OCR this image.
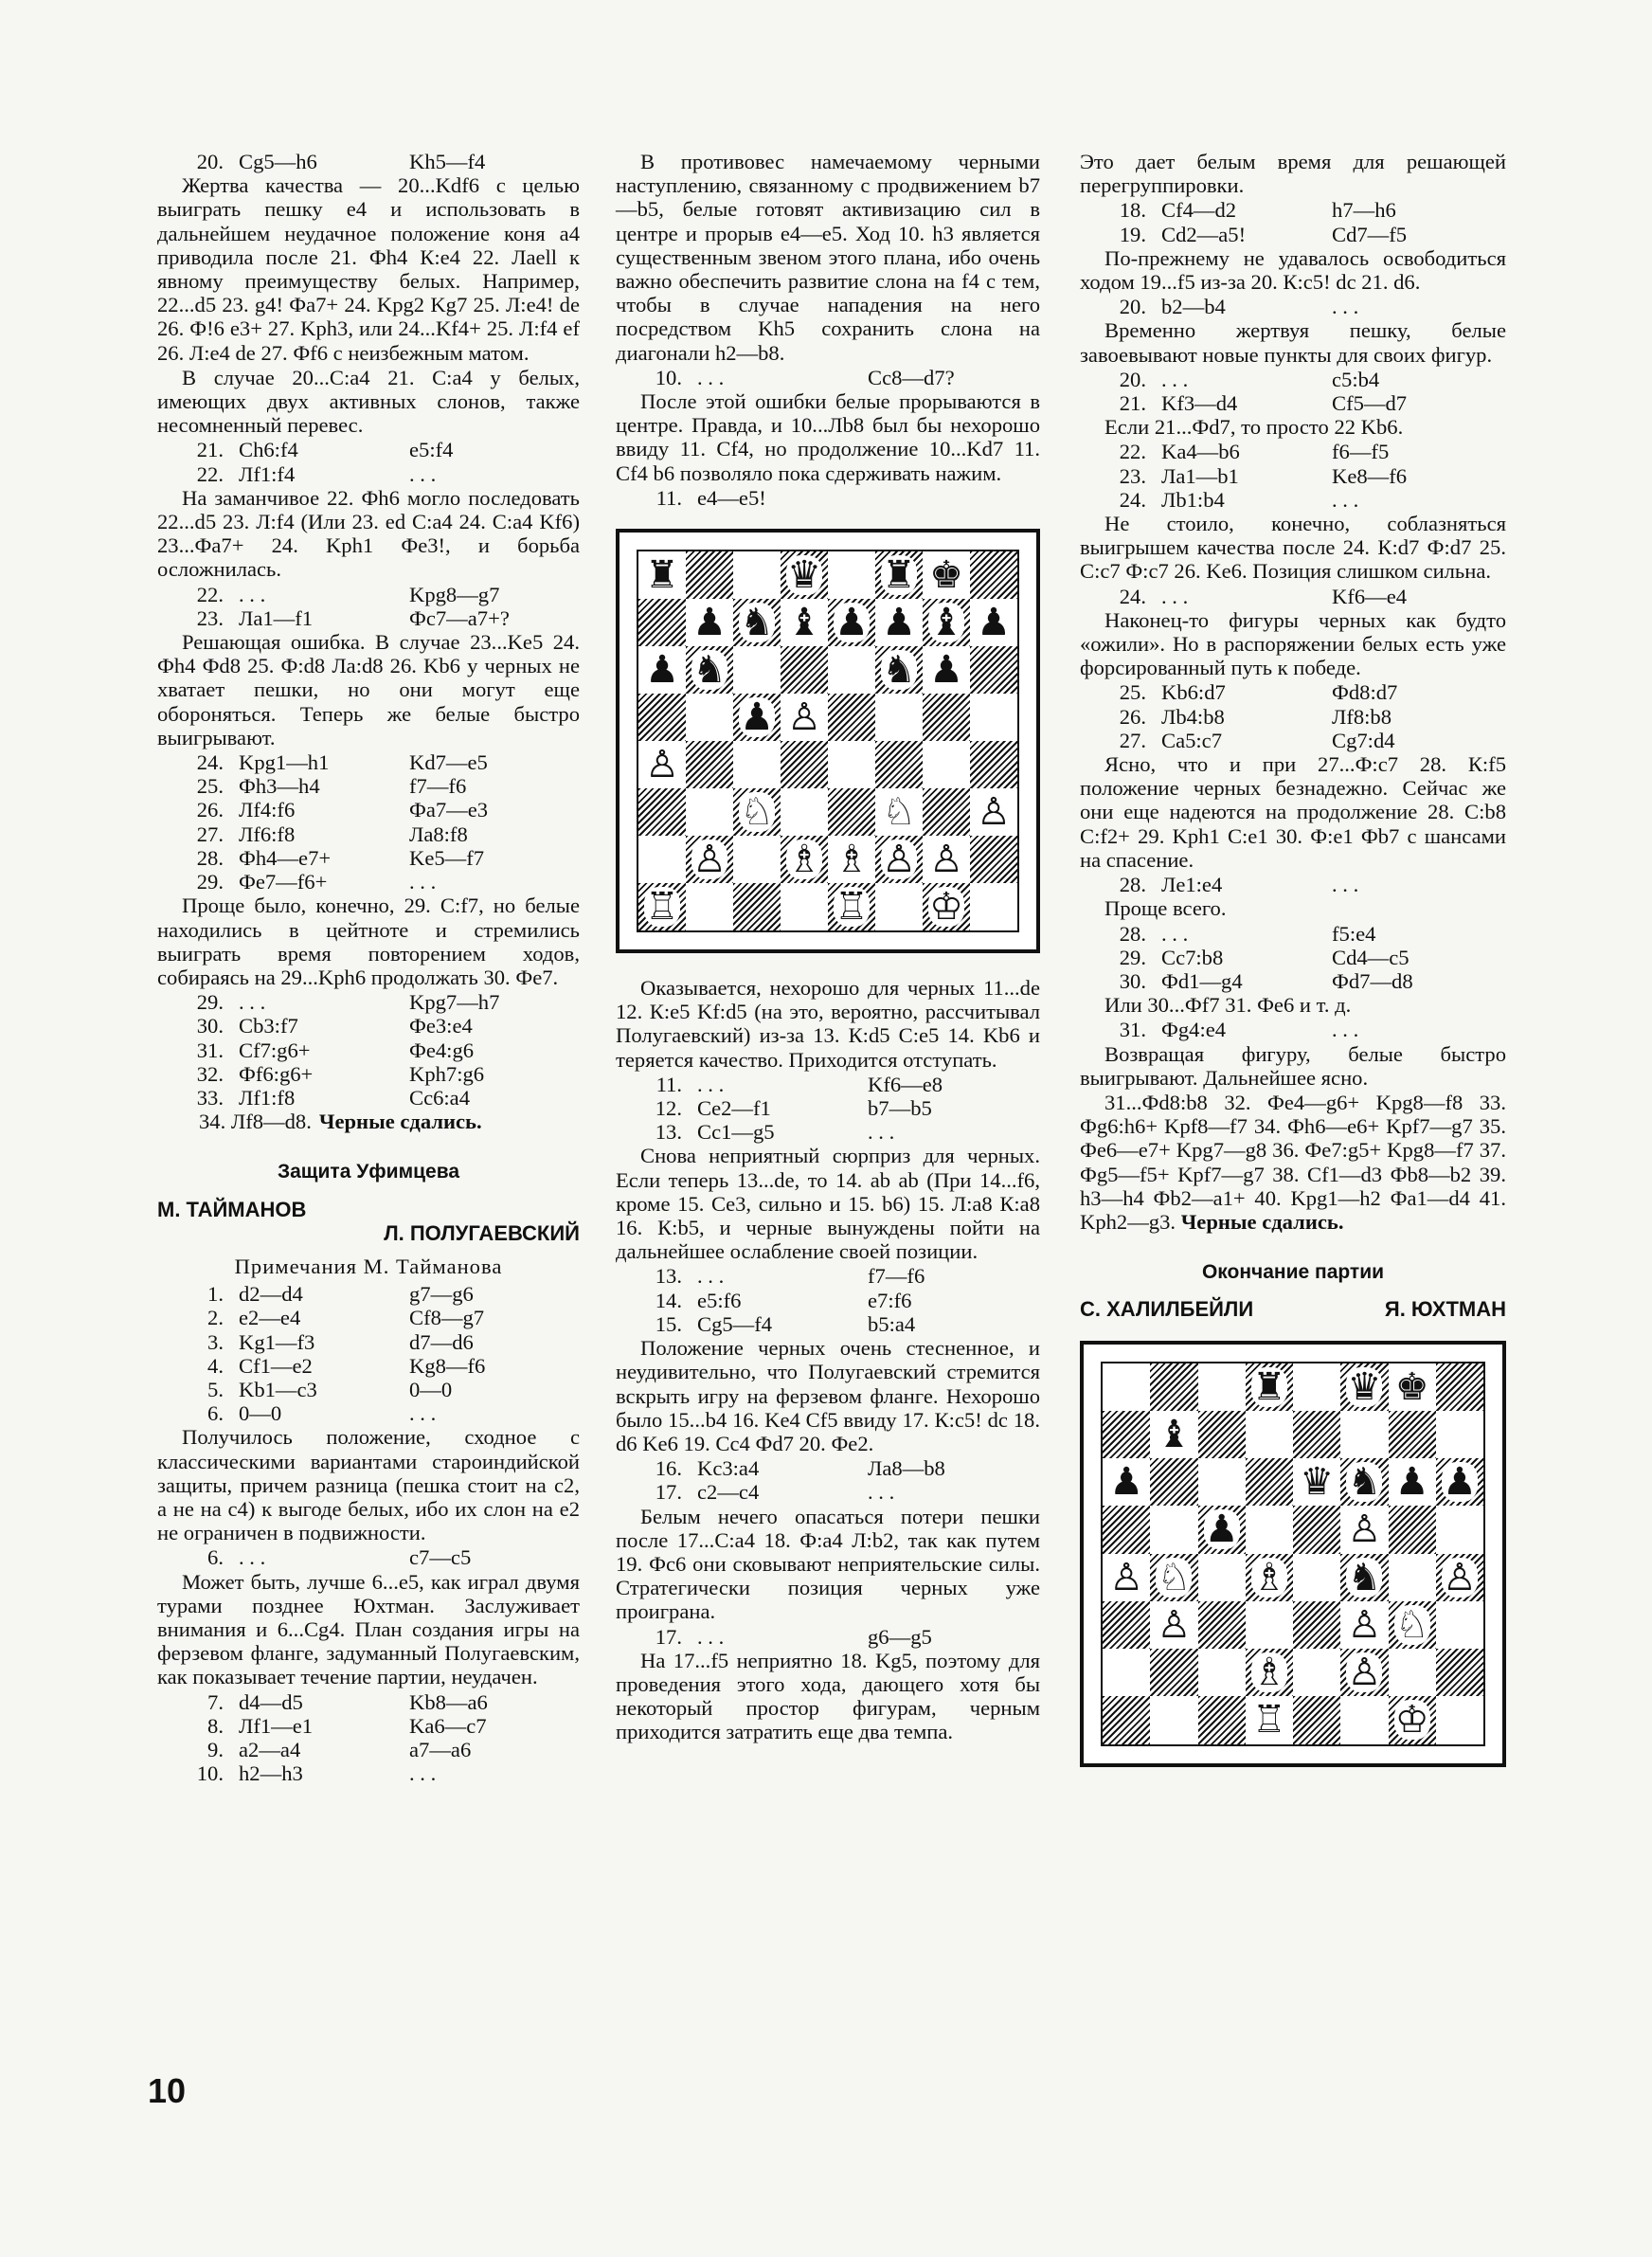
20. Cg5—h6	Kh5—f4
Жертва качества — 20...Kdf6 с целью выиграть пешку e4 и использовать в дальнейшем неудачное положение коня a4 приводила после 21. Фh4 К:e4 22. Лaell к явному преимуществу белых. Например, 22...d5 23. g4! Фa7+ 24. Kpg2 Kg7 25. Л:e4! de 26. Ф!6 e3+ 27. Kph3, или 24...Kf4+ 25. Л:f4 ef 26. Л:e4 de 27. Фf6 с неизбежным матом.
В случае 20...С:a4 21. С:a4 у белых, имеющих двух активных слонов, также несомненный перевес.
21. Ch6:f4	e5:f4
22. Лf1:f4	. . .
На заманчивое 22. Фh6 могло последовать 22...d5 23. Л:f4 (Или 23. ed С:a4 24. С:a4 Kf6) 23...Фa7+ 24. Kph1 Фe3!, и борьба осложнилась.
22. . . .	Kpg8—g7
23. Лa1—f1	Фc7—a7+?
Решающая ошибка. В случае 23...Ke5 24. Фh4 Фd8 25. Ф:d8 Лa:d8 26. Kb6 у черных не хватает пешки, но они могут еще обороняться. Теперь же белые быстро выигрывают.
24. Kpg1—h1	Kd7—e5
25. Фh3—h4	f7—f6
26. Лf4:f6	Фa7—e3
27. Лf6:f8	Лa8:f8
28. Фh4—e7+	Ke5—f7
29. Фe7—f6+	. . .
Проще было, конечно, 29. С:f7, но белые находились в цейтноте и стремились выиграть время повторением ходов, собираясь на 29...Kph6 продолжать 30. Фe7.
29. . . .	Kpg7—h7
30. Cb3:f7	Фe3:e4
31. Cf7:g6+	Фe4:g6
32. Фf6:g6+	Kph7:g6
33. Лf1:f8	Cc6:a4
34. Лf8—d8. Черные сдались.
Защита Уфимцева
М. ТАЙМАНОВ
Л. ПОЛУГАЕВСКИЙ
Примечания М. Тайманова
1. d2—d4	g7—g6
2. e2—e4	Cf8—g7
3. Kg1—f3	d7—d6
4. Cf1—e2	Kg8—f6
5. Kb1—c3	0—0
6. 0—0	. . .
Получилось положение, сходное с классическими вариантами староиндийской защиты, причем разница (пешка стоит на c2, а не на c4) к выгоде белых, ибо их слон на e2 не ограничен в подвижности.
6. . . .	c7—c5
Может быть, лучше 6...e5, как играл двумя турами позднее Юхтман. Заслуживает внимания и 6...Cg4. План создания игры на ферзевом фланге, задуманный Полугаевским, как показывает течение партии, неудачен.
7. d4—d5	Kb8—a6
8. Лf1—e1	Ka6—c7
9. a2—a4	a7—a6
10. h2—h3	. . .
В противовес намечаемому черными наступлению, связанному с продвижением b7—b5, белые готовят активизацию сил в центре и прорыв e4—e5. Ход 10. h3 является существенным звеном этого плана, ибо очень важно обеспечить развитие слона на f4 с тем, чтобы в случае нападения на него посредством Kh5 сохранить слона на диагонали h2—b8.
10. . . .	Cc8—d7?
После этой ошибки белые прорываются в центре. Правда, и 10...Лb8 был бы нехорошо ввиду 11. Cf4, но продолжение 10...Kd7 11. Cf4 b6 позволяло пока сдерживать нажим.
11. e4—e5!
♜	♛ ♜ ♚
♟ ♞ ♝ ♟ ♟ ♝ ♟
♟ ♞	♞ ♟
♟ ♙
♙
♘	♘ ♙
♙ ♗ ♗ ♙ ♙
♖	♖ ♔
Оказывается, нехорошо для черных 11...de 12. К:e5 Kf:d5 (на это, вероятно, рассчитывал Полугаевский) из-за 13. К:d5 С:e5 14. Kb6 и теряется качество. Приходится отступать.
11. . . .	Kf6—e8
12. Ce2—f1	b7—b5
13. Cc1—g5	. . .
Снова неприятный сюрприз для черных. Если теперь 13...de, то 14. ab ab (При 14...f6, кроме 15. Ce3, сильно и 15. b6) 15. Л:a8 К:a8 16. К:b5, и черные вынуждены пойти на дальнейшее ослабление своей позиции.
13. . . .	f7—f6
14. e5:f6	e7:f6
15. Cg5—f4	b5:a4
Положение черных очень стесненное, и неудивительно, что Полугаевский стремится вскрыть игру на ферзевом фланге. Нехорошо было 15...b4 16. Ke4 Cf5 ввиду 17. К:c5! dc 18. d6 Ke6 19. Cc4 Фd7 20. Фe2.
16. Kc3:a4	Лa8—b8
17. c2—c4	. . .
Белым нечего опасаться потери пешки после 17...С:a4 18. Ф:a4 Л:b2, так как путем 19. Фc6 они сковывают неприятельские силы. Стратегически позиция черных уже проиграна.
17. . . .	g6—g5
На 17...f5 неприятно 18. Kg5, поэтому для проведения этого хода, дающего хотя бы некоторый простор фигурам, черным приходится затратить еще два темпа.
Это дает белым время для решающей перегруппировки.
18. Cf4—d2	h7—h6
19. Cd2—a5!	Cd7—f5
По-прежнему не удавалось освободиться ходом 19...f5 из-за 20. К:c5! dc 21. d6.
20. b2—b4	. . .
Временно жертвуя пешку, белые завоевывают новые пункты для своих фигур.
20. . . .	c5:b4
21. Kf3—d4	Cf5—d7
Если 21...Фd7, то просто 22 Kb6.
22. Ka4—b6	f6—f5
23. Лa1—b1	Ke8—f6
24. Лb1:b4	. . .
Не стоило, конечно, соблазняться выигрышем качества после 24. К:d7 Ф:d7 25. С:c7 Ф:c7 26. Ke6. Позиция слишком сильна.
24. . . .	Kf6—e4
Наконец-то фигуры черных как будто «ожили». Но в распоряжении белых есть уже форсированный путь к победе.
25. Kb6:d7	Фd8:d7
26. Лb4:b8	Лf8:b8
27. Ca5:c7	Cg7:d4
Ясно, что и при 27...Ф:c7 28. К:f5 положение черных безнадежно. Сейчас же они еще надеются на продолжение 28. С:b8 С:f2+ 29. Kph1 С:e1 30. Ф:e1 Фb7 с шансами на спасение.
28. Лe1:e4	. . .
Проще всего.
28. . . .	f5:e4
29. Cc7:b8	Cd4—c5
30. Фd1—g4	Фd7—d8
Или 30...Фf7 31. Фe6 и т. д.
31. Фg4:e4	. . .
Возвращая фигуру, белые быстро выигрывают. Дальнейшее ясно.
31...Фd8:b8 32. Фe4—g6+ Kpg8—f8 33. Фg6:h6+ Kpf8—f7 34. Фh6—e6+ Kpf7—g7 35. Фe6—e7+ Kpg7—g8 36. Фe7:g5+ Kpg8—f7 37. Фg5—f5+ Kpf7—g7 38. Cf1—d3 Фb8—b2 39. h3—h4 Фb2—a1+ 40. Kpg1—h2 Фa1—d4 41. Kph2—g3. Черные сдались.
Окончание партии
С. ХАЛИЛБЕЙЛИ	Я. ЮХТМАН
♜ ♛ ♚
♝
♟	♛ ♞ ♟ ♟
♟	♙
♙ ♘ ♗ ♞ ♙
♙	♙ ♘
♗ ♙
♖	♔
10
